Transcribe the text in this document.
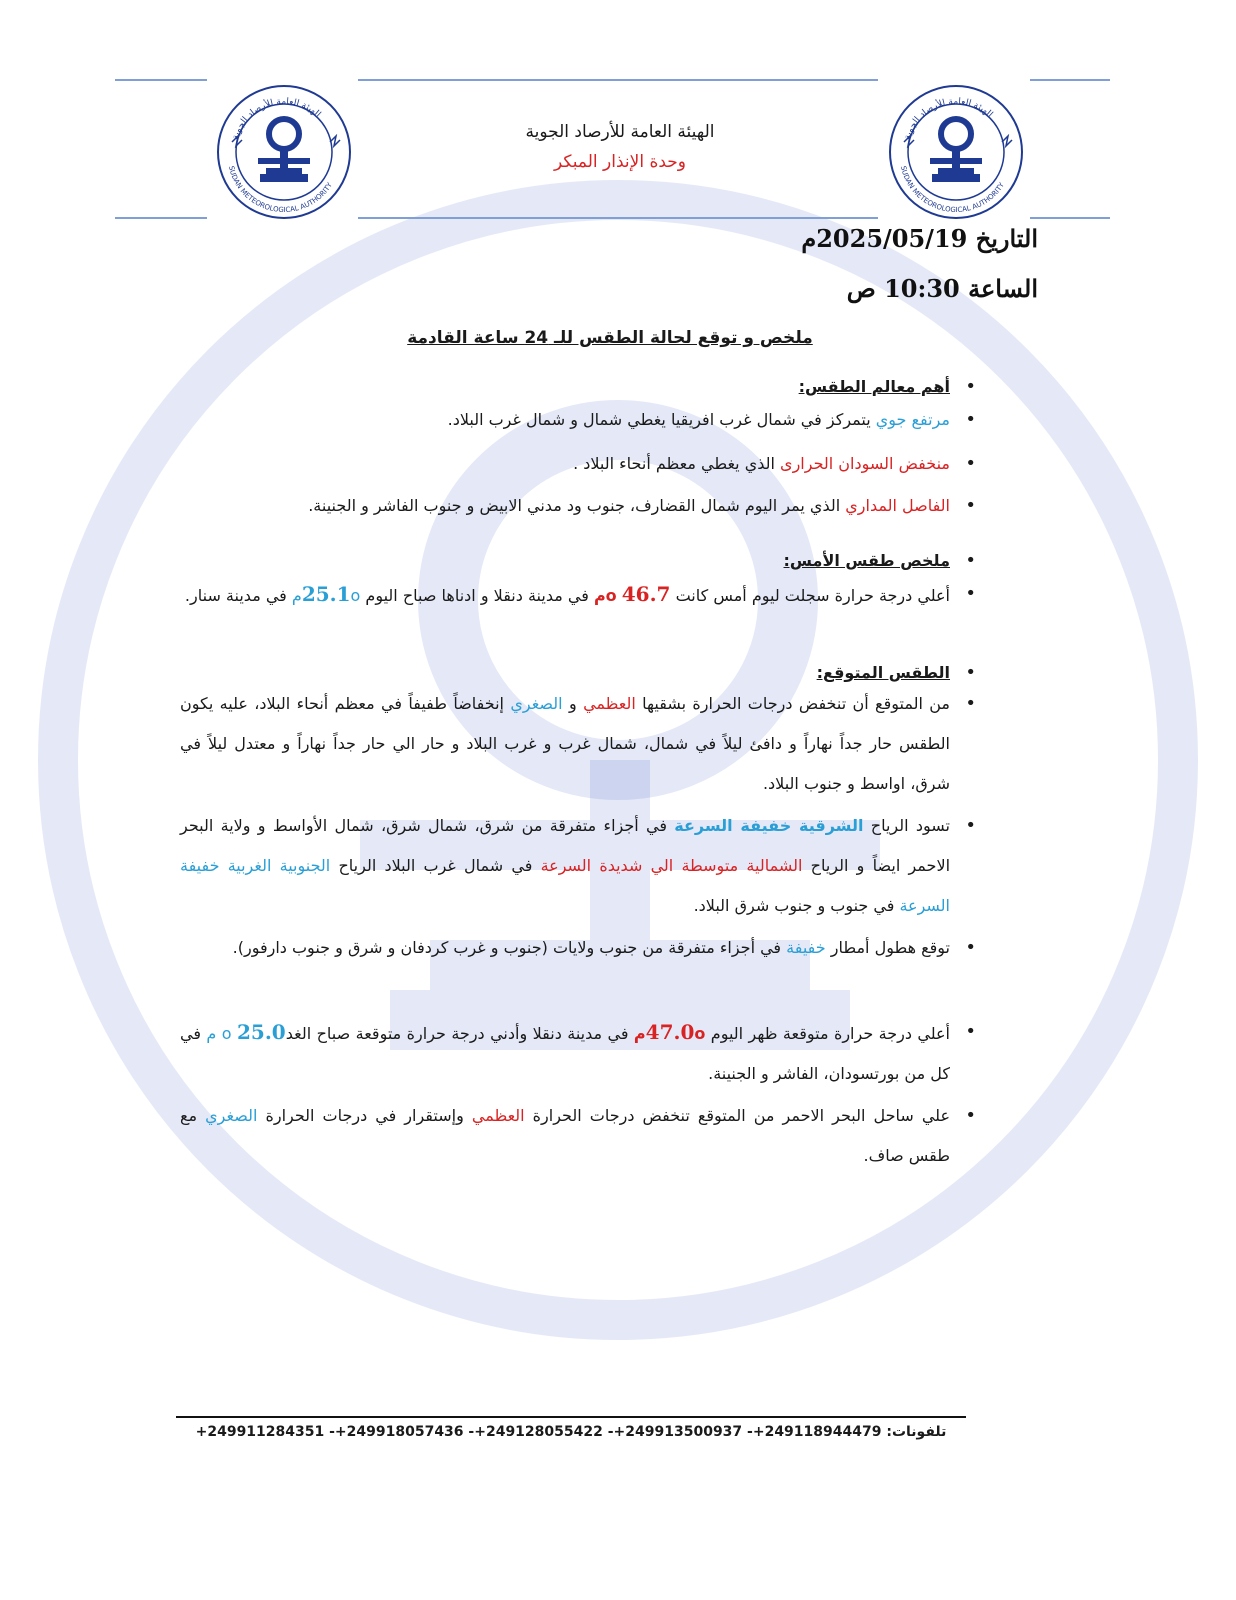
الهيئة العامة للأرصاد الجوية
SUDAN METEOROLOGICAL AUTHORITY
الهيئة العامة للأرصاد الجوية
SUDAN METEOROLOGICAL AUTHORITY
الهيئة العامة للأرصاد الجوية
وحدة الإنذار المبكر
التاريخ 2025/05/19م
الساعة 10:30 ص
ملخص و توقع لحالة الطقس للـ 24 ساعة القادمة
• أهم معالم الطقس:
• مرتفع جوي يتمركز في شمال غرب افريقيا يغطي شمال و شمال غرب البلاد.
• منخفض السودان الحرارى الذي يغطي معظم أنحاء البلاد .
• الفاصل المداري الذي يمر اليوم شمال القضارف، جنوب ود مدني الابيض و جنوب الفاشر و الجنينة.
• ملخص طقس الأمس:
• أعلي درجة حرارة سجلت ليوم أمس كانت 46.7 oم في مدينة دنقلا و ادناها صباح اليوم 25.1oم في مدينة سنار.
• الطقس المتوقع:
• من المتوقع أن تنخفض درجات الحرارة بشقيها العظمي و الصغري إنخفاضاً طفيفاً في معظم أنحاء البلاد، عليه يكون الطقس حار جداً نهاراً و دافئ ليلاً في شمال، شمال غرب و غرب البلاد و حار الي حار جداً نهاراً و معتدل ليلاً في شرق، اواسط و جنوب البلاد.
• تسود الرياح الشرقية خفيفة السرعة في أجزاء متفرقة من شرق، شمال شرق، شمال الأواسط و ولاية البحر الاحمر ايضاً و الرياح الشمالية متوسطة الي شديدة السرعة في شمال غرب البلاد الرياح الجنوبية الغربية خفيفة السرعة في جنوب و جنوب شرق البلاد.
• توقع هطول أمطار خفيفة في أجزاء متفرقة من جنوب ولايات (جنوب و غرب كردفان و شرق و جنوب دارفور).
• أعلي درجة حرارة متوقعة ظهر اليوم 47.0oم في مدينة دنقلا وأدني درجة حرارة متوقعة صباح الغد25.0 o م في كل من بورتسودان، الفاشر و الجنينة.
• علي ساحل البحر الاحمر من المتوقع تنخفض درجات الحرارة العظمي وإستقرار في درجات الحرارة الصغري مع طقس صاف.
تلفونات: +249911284351 -+249918057436 -+249128055422 -+249913500937 -+249118944479
